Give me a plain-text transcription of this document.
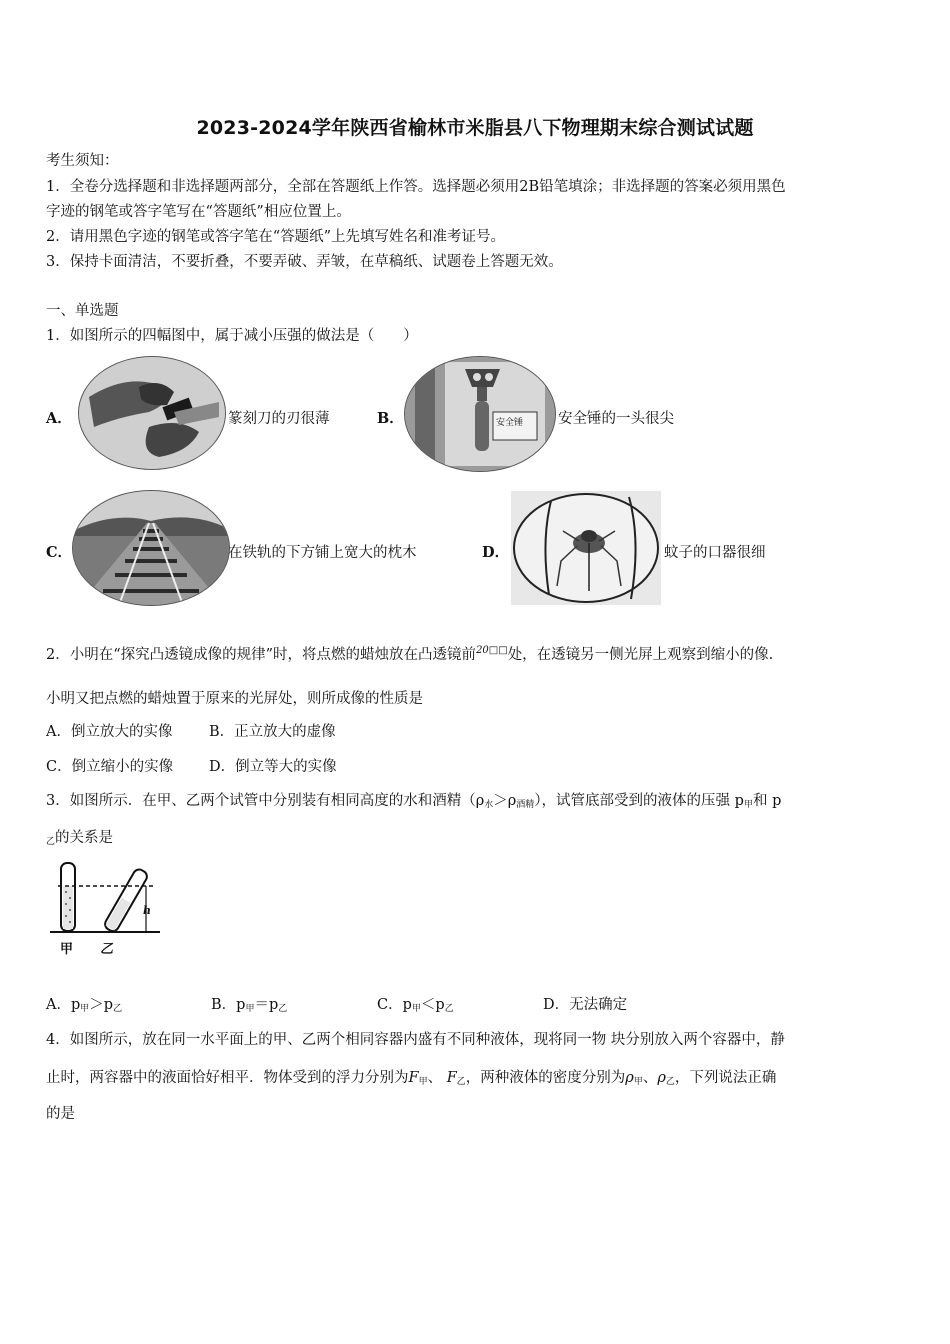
2023-2024学年陕西省榆林市米脂县八下物理期末综合测试试题
考生须知：
1．全卷分选择题和非选择题两部分，全部在答题纸上作答。选择题必须用2B铅笔填涂；非选择题的答案必须用黑色
字迹的钢笔或答字笔写在“答题纸”相应位置上。
2．请用黑色字迹的钢笔或答字笔在“答题纸”上先填写姓名和准考证号。
3．保持卡面清洁，不要折叠，不要弄破、弄皱，在草稿纸、试题卷上答题无效。
一、单选题
1．如图所示的四幅图中，属于减小压强的做法是（　　）
A．	篆刻刀的刃很薄	B．	安全锤 安全锤的一头很尖
C．	在铁轨的下方铺上宽大的枕木	D．	蚊子的口器很细
2．小明在“探究凸透镜成像的规律”时，将点燃的蜡烛放在凸透镜前$^{20□□}$处，在透镜另一侧光屏上观察到缩小的像.
小明又把点燃的蜡烛置于原来的光屏处，则所成像的性质是
A．倒立放大的实像	B．正立放大的虚像
C．倒立缩小的实像 D．倒立等大的实像
3．如图所示．在甲、乙两个试管中分别装有相同高度的水和酒精$(\rho_水>\rho_{酒精})$，试管底部受到的液体的压强 $p_甲$和 p
$_乙$的关系是
h
甲 乙
A．$p_甲>p_乙$	B．$p_甲=p_乙$	C．$p_甲<p_乙$	D．无法确定
4．如图所示，放在同一水平面上的甲、乙两个相同容器内盛有不同种液体，现将同一物 块分别放入两个容器中，静
止时，两容器中的液面恰好相平．物体受到的浮力分别为$F_甲$、 $F_乙$，两种液体的密度分别为$\rho_甲$、$\rho_乙$，下列说法正确
的是
